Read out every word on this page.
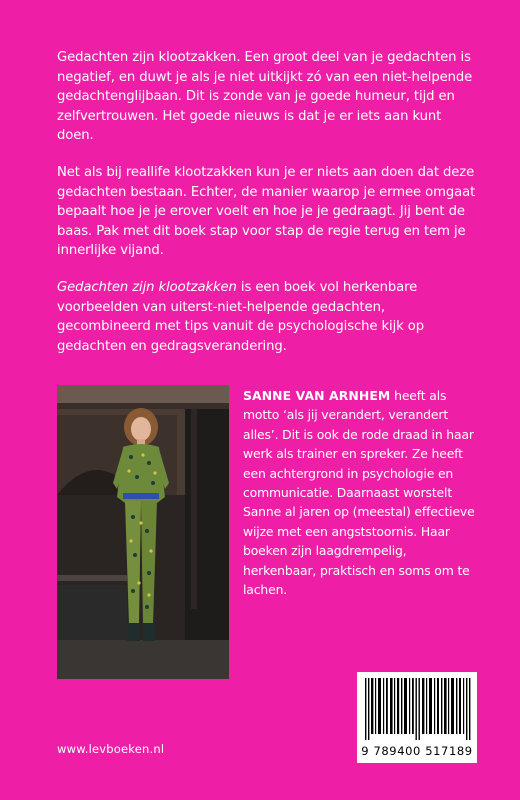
Gedachten zijn klootzakken. Een groot deel van je gedachten is negatief, en duwt je als je niet uitkijkt zó van een niet-helpende gedachtenglijbaan. Dit is zonde van je goede humeur, tijd en zelfvertrouwen. Het goede nieuws is dat je er iets aan kunt doen.

Net als bij reallife klootzakken kun je er niets aan doen dat deze gedachten bestaan. Echter, de manier waarop je ermee omgaat bepaalt hoe je je erover voelt en hoe je je gedraagt. Jij bent de baas. Pak met dit boek stap voor stap de regie terug en tem je innerlijke vijand.

Gedachten zijn klootzakken is een boek vol herkenbare voorbeelden van uiterst-niet-helpende gedachten, gecombineerd met tips vanuit de psychologische kijk op gedachten en gedragsverandering.

SANNE VAN ARNHEM heeft als motto ‘als jij verandert, verandert alles’. Dit is ook de rode draad in haar werk als trainer en spreker. Ze heeft een achtergrond in psychologie en communicatie. Daarnaast worstelt Sanne al jaren op (meestal) effectieve wijze met een angststoornis. Haar boeken zijn laagdrempelig, herkenbaar, praktisch en soms om te lachen.
9 789400 517189
www.levboeken.nl
